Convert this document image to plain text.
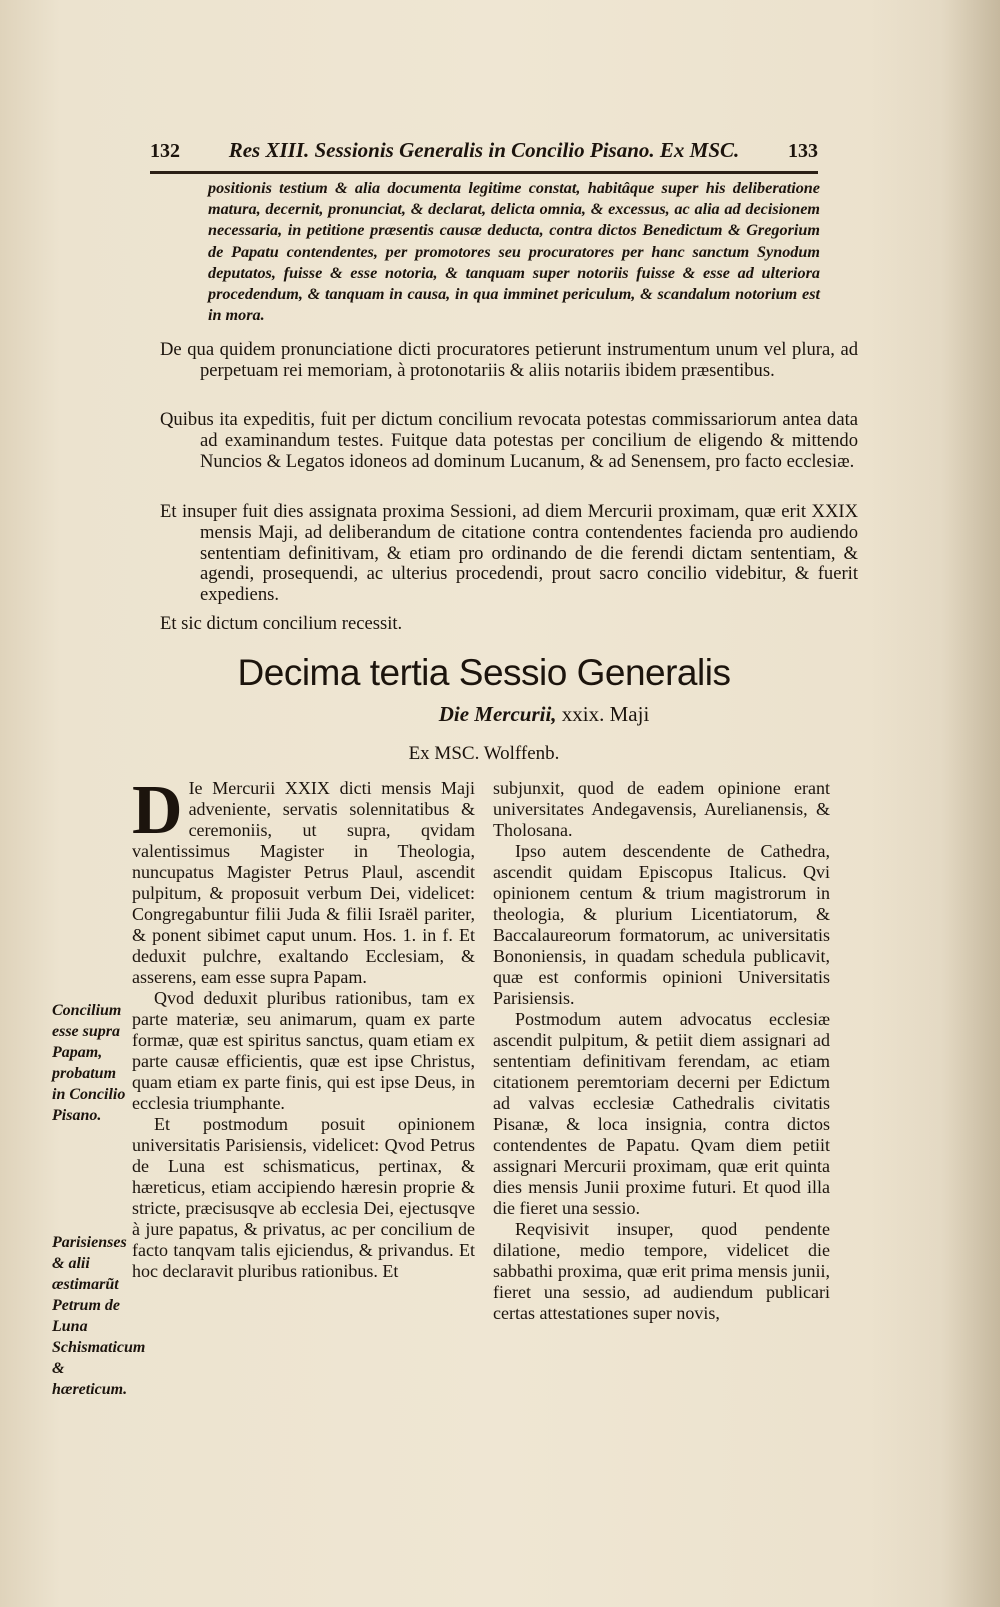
132 Res XIII. Sessionis Generalis in Concilio Pisano. Ex MSC. 133
positionis testium & alia documenta legitime constat, habitâque super his deliberatione matura, decernit, pronunciat, & declarat, delicta omnia, & excessus, ac alia ad decisionem necessaria, in petitione præsentis causæ deducta, contra dictos Benedictum & Gregorium de Papatu contendentes, per promotores seu procuratores per hanc sanctum Synodum deputatos, fuisse & esse notoria, & tanquam super notoriis fuisse & esse ad ulteriora procedendum, & tanquam in causa, in qua imminet periculum, & scandalum notorium est in mora.

De qua quidem pronunciatione dicti procuratores petierunt instrumentum unum vel plura, ad perpetuam rei memoriam, à protonotariis & aliis notariis ibidem præsentibus.

Quibus ita expeditis, fuit per dictum concilium revocata potestas commissariorum antea data ad examinandum testes. Fuitque data potestas per concilium de eligendo & mittendo Nuncios & Legatos idoneos ad dominum Lucanum, & ad Senensem, pro facto ecclesiæ.

Et insuper fuit dies assignata proxima Sessioni, ad diem Mercurii proximam, quæ erit XXIX mensis Maji, ad deliberandum de citatione contra contendentes facienda pro audiendo sententiam definitivam, & etiam pro ordinando de die ferendi dictam sententiam, & agendi, prosequendi, ac ulterius procedendi, prout sacro concilio videbitur, & fuerit expediens.

Et sic dictum concilium recessit.

Decima tertia Sessio Generalis
Die Mercurii, xxix. Maji
Ex MSC. Wolffenb.

D Ie Mercurii XXIX dicti mensis Maji adveniente, servatis solennitatibus & ceremoniis, ut supra, qvidam valentissimus Magister in Theologia, nuncupatus Magister Petrus Plaul, ascendit pulpitum, & proposuit verbum Dei, videlicet: Congregabuntur filii Juda & filii Israël pariter, & ponent sibimet caput unum. Hos. 1. in f. Et deduxit pulchre, exaltando Ecclesiam, & asserens, eam esse supra Papam.

Qvod deduxit pluribus rationibus, tam ex parte materiæ, seu animarum, quam ex parte formæ, quæ est spiritus sanctus, quam etiam ex parte causæ efficientis, quæ est ipse Christus, quam etiam ex parte finis, qui est ipse Deus, in ecclesia triumphante.

Et postmodum posuit opinionem universitatis Parisiensis, videlicet: Qvod Petrus de Luna est schismaticus, pertinax, & hæreticus, etiam accipiendo hæresin proprie & stricte, præcisusqve ab ecclesia Dei, ejectusqve à jure papatus, & privatus, ac per concilium de facto tanqvam talis ejiciendus, & privandus. Et hoc declaravit pluribus rationibus. Et

subjunxit, quod de eadem opinione erant universitates Andegavensis, Aurelianensis, & Tholosana.

Ipso autem descendente de Cathedra, ascendit quidam Episcopus Italicus. Qvi opinionem centum & trium magistrorum in theologia, & plurium Licentiatorum, & Baccalaureorum formatorum, ac universitatis Bononiensis, in quadam schedula publicavit, quæ est conformis opinioni Universitatis Parisiensis.

Postmodum autem advocatus ecclesiæ ascendit pulpitum, & petiit diem assignari ad sententiam definitivam ferendam, ac etiam citationem peremtoriam decerni per Edictum ad valvas ecclesiæ Cathedralis civitatis Pisanæ, & loca insignia, contra dictos contendentes de Papatu. Qvam diem petiit assignari Mercurii proximam, quæ erit quinta dies mensis Junii proxime futuri. Et quod illa die fieret una sessio.

Reqvisivit insuper, quod pendente dilatione, medio tempore, videlicet die sabbathi proxima, quæ erit prima mensis junii, fieret una sessio, ad audiendum publicari certas attestationes super novis,

Concilium esse supra Papam, probatum in Concilio Pisano.
Parisienses & alii æstimarũt Petrum de Luna Schismaticum & hæreticum.
